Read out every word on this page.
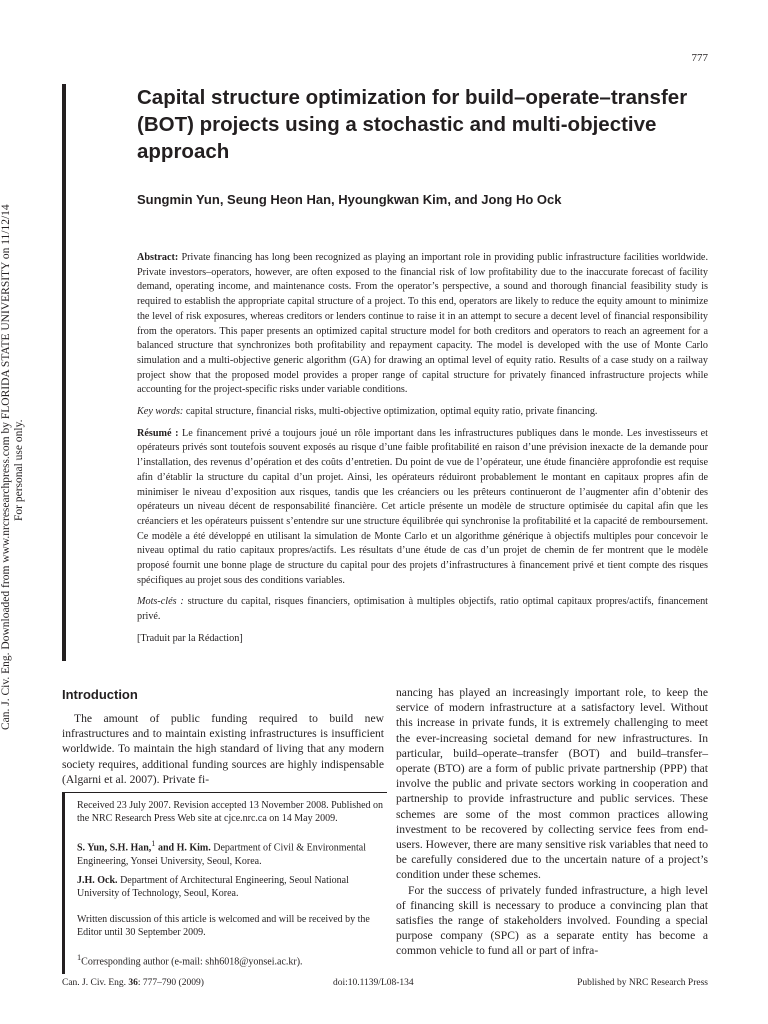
777
Can. J. Civ. Eng. Downloaded from www.nrcresearchpress.com by FLORIDA STATE UNIVERSITY on 11/12/14 For personal use only.
Capital structure optimization for build–operate–transfer (BOT) projects using a stochastic and multi-objective approach
Sungmin Yun, Seung Heon Han, Hyoungkwan Kim, and Jong Ho Ock

Abstract: Private financing has long been recognized as playing an important role in providing public infrastructure facilities worldwide. Private investors–operators, however, are often exposed to the financial risk of low profitability due to the inaccurate forecast of facility demand, operating income, and maintenance costs. From the operator’s perspective, a sound and thorough financial feasibility study is required to establish the appropriate capital structure of a project. To this end, operators are likely to reduce the equity amount to minimize the level of risk exposures, whereas creditors or lenders continue to raise it in an attempt to secure a decent level of financial responsibility from the operators. This paper presents an optimized capital structure model for both creditors and operators to reach an agreement for a balanced structure that synchronizes both profitability and repayment capacity. The model is developed with the use of Monte Carlo simulation and a multi-objective generic algorithm (GA) for drawing an optimal level of equity ratio. Results of a case study on a railway project show that the proposed model provides a proper range of capital structure for privately financed infrastructure projects while accounting for the project-specific risks under variable conditions.

Key words: capital structure, financial risks, multi-objective optimization, optimal equity ratio, private financing.

Résumé : Le financement privé a toujours joué un rôle important dans les infrastructures publiques dans le monde. Les investisseurs et opérateurs privés sont toutefois souvent exposés au risque d’une faible profitabilité en raison d’une prévision inexacte de la demande pour l’installation, des revenus d’opération et des coûts d’entretien. Du point de vue de l’opérateur, une étude financière approfondie est requise afin d’établir la structure du capital d’un projet. Ainsi, les opérateurs réduiront probablement le montant en capitaux propres afin de minimiser le niveau d’exposition aux risques, tandis que les créanciers ou les prêteurs continueront de l’augmenter afin d’obtenir des opérateurs un niveau décent de responsabilité financière. Cet article présente un modèle de structure optimisée du capital afin que les créanciers et les opérateurs puissent s’entendre sur une structure équilibrée qui synchronise la profitabilité et la capacité de remboursement. Ce modèle a été développé en utilisant la simulation de Monte Carlo et un algorithme générique à objectifs multiples pour concevoir le niveau optimal du ratio capitaux propres/actifs. Les résultats d’une étude de cas d’un projet de chemin de fer montrent que le modèle proposé fournit une bonne plage de structure du capital pour des projets d’infrastructures à financement privé et tient compte des risques spécifiques au projet sous des conditions variables.

Mots-clés : structure du capital, risques financiers, optimisation à multiples objectifs, ratio optimal capitaux propres/actifs, financement privé.

[Traduit par la Rédaction]

Introduction
The amount of public funding required to build new infrastructures and to maintain existing infrastructures is insufficient worldwide. To maintain the high standard of living that any modern society requires, additional funding sources are highly indispensable (Algarni et al. 2007). Private fi-

nancing has played an increasingly important role, to keep the service of modern infrastructure at a satisfactory level. Without this increase in private funds, it is extremely challenging to meet the ever-increasing societal demand for new infrastructures. In particular, build–operate–transfer (BOT) and build–transfer–operate (BTO) are a form of public private partnership (PPP) that involve the public and private sectors working in cooperation and partnership to provide infrastructure and public services. These schemes are some of the most common practices allowing investment to be recovered by collecting service fees from end-users. However, there are many sensitive risk variables that need to be carefully considered due to the uncertain nature of a project’s condition under these schemes.

For the success of privately funded infrastructure, a high level of financing skill is necessary to produce a convincing plan that satisfies the range of stakeholders involved. Founding a special purpose company (SPC) as a separate entity has become a common vehicle to fund all or part of infra-

Received 23 July 2007. Revision accepted 13 November 2008. Published on the NRC Research Press Web site at cjce.nrc.ca on 14 May 2009.

S. Yun, S.H. Han,$^1$ and H. Kim. Department of Civil & Environmental Engineering, Yonsei University, Seoul, Korea.

J.H. Ock. Department of Architectural Engineering, Seoul National University of Technology, Seoul, Korea.

Written discussion of this article is welcomed and will be received by the Editor until 30 September 2009.

$^1$Corresponding author (e-mail: shh6018@yonsei.ac.kr).

Can. J. Civ. Eng. 36: 777–790 (2009)	doi:10.1139/L08-134	Published by NRC Research Press
